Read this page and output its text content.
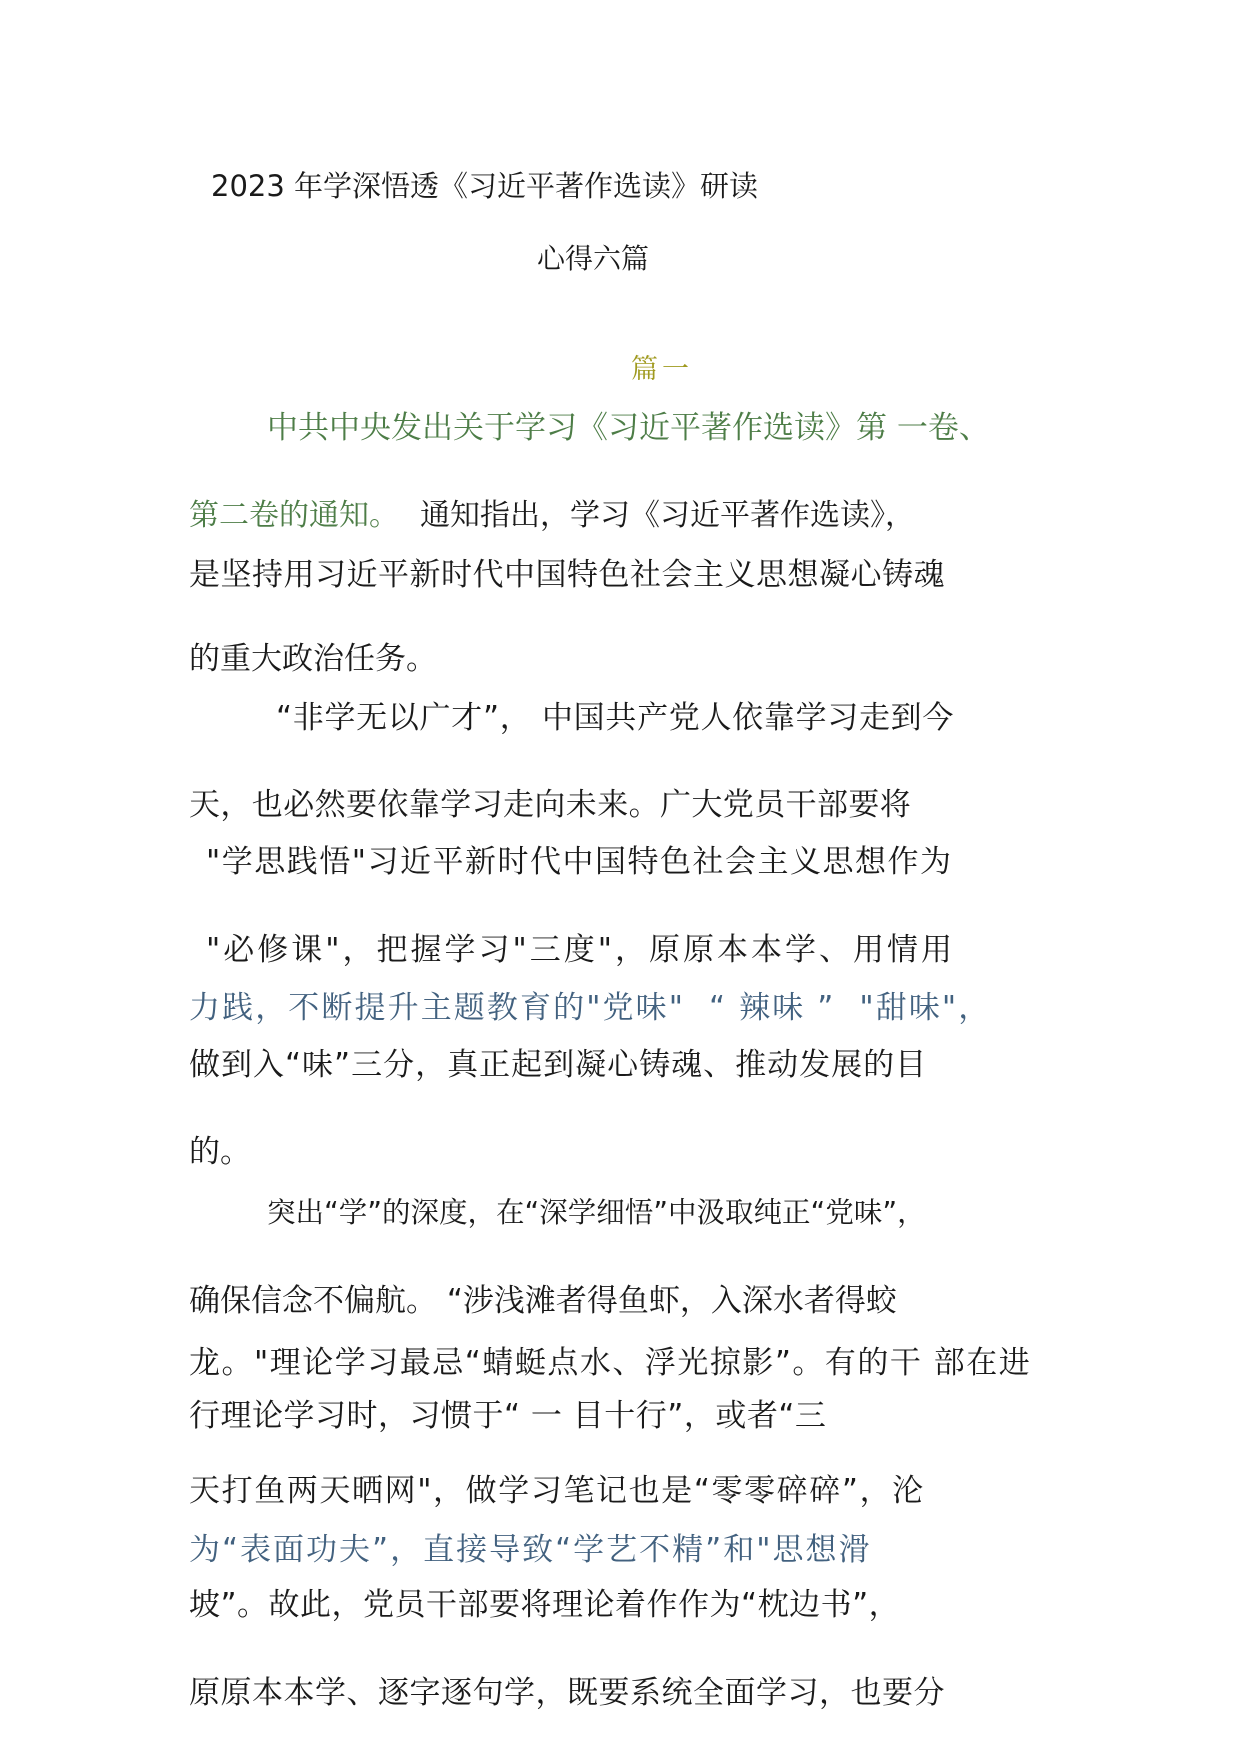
2023 年学深悟透《习近平著作选读》研读
心得六篇
篇一
中共中央发出关于学习《习近平著作选读》第 一卷、
第二卷的通知。 通知指出，学习《习近平著作选读》，
是坚持用习近平新时代中国特色社会主义思想凝心铸魂
的重大政治任务。
“非学无以广才”， 中国共产党人依靠学习走到今
天，也必然要依靠学习走向未来。广大党员干部要将
"学思践悟"习近平新时代中国特色社会主义思想作为
"必修课"，把握学习"三度"，原原本本学、用情用
力践，不断提升主题教育的"党味"  “ 辣味 ”  "甜味"，
做到入“味”三分，真正起到凝心铸魂、推动发展的目
的。
突出“学”的深度，在“深学细悟”中汲取纯正“党味”，
确保信念不偏航。 “涉浅滩者得鱼虾，入深水者得蛟
龙。"理论学习最忌“蜻蜓点水、浮光掠影”。有的干 部在进
行理论学习时，习惯于“ 一 目十行”，或者“三
天打鱼两天晒网"，做学习笔记也是“零零碎碎”，沦
为“表面功夫”，直接导致“学艺不精”和"思想滑
坡”。故此，党员干部要将理论着作作为“枕边书”，
原原本本学、逐字逐句学，既要系统全面学习，也要分
